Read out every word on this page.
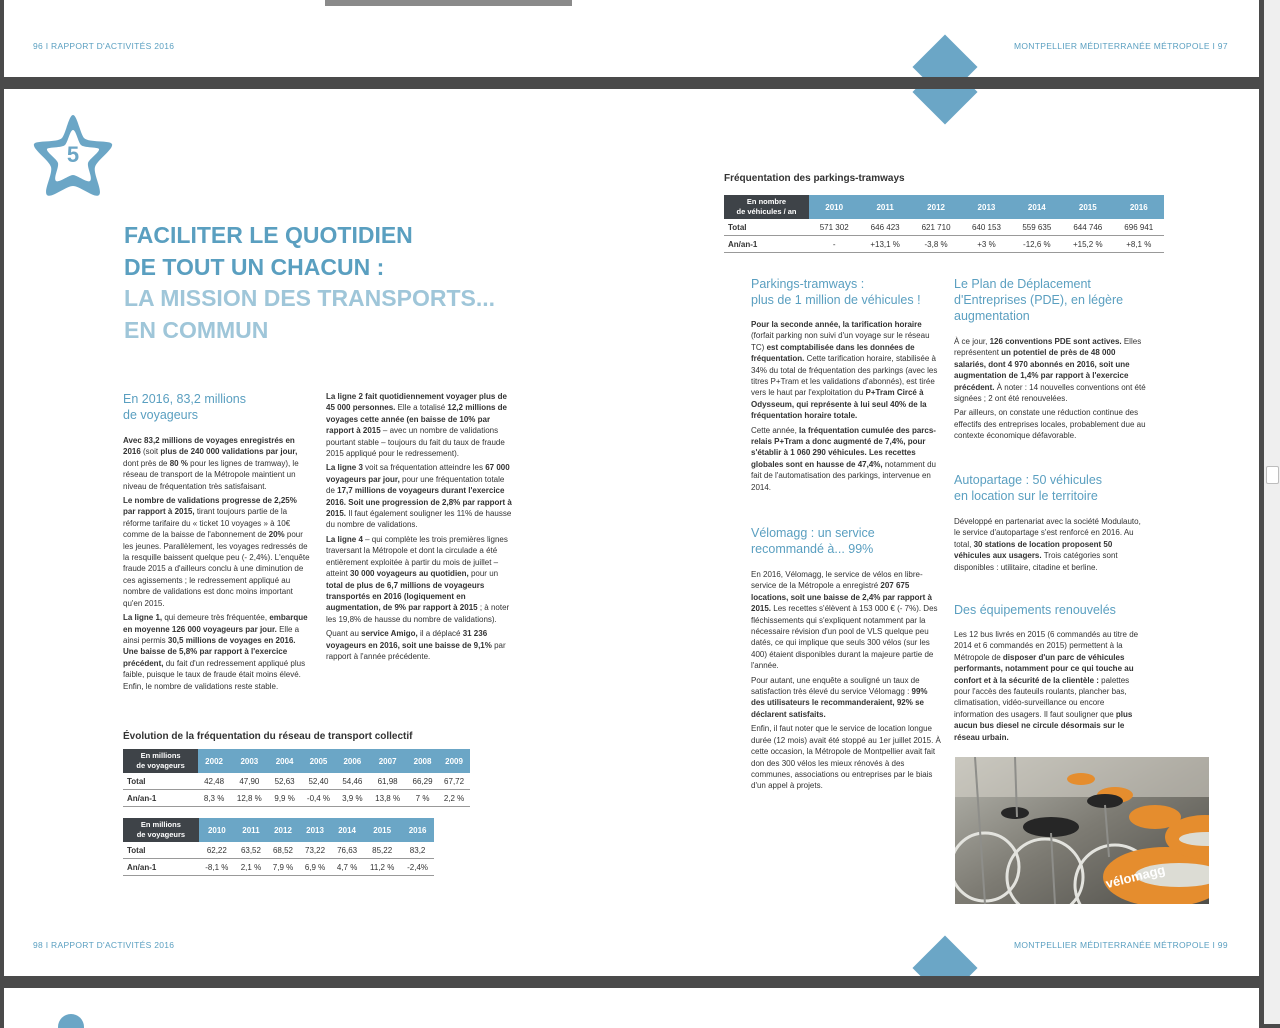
96 I RAPPORT D'ACTIVITÉS 2016	MONTPELLIER MÉDITERRANÉE MÉTROPOLE I 97
5
FACILITER LE QUOTIDIEN
DE TOUT UN CHACUN :
LA MISSION DES TRANSPORTS...
EN COMMUN
En 2016, 83,2 millions
de voyageurs

Avec 83,2 millions de voyages enregistrés en 2016 (soit plus de 240 000 validations par jour, dont près de 80 % pour les lignes de tramway), le réseau de transport de la Métropole maintient un niveau de fréquentation très satisfaisant.

Le nombre de validations progresse de 2,25% par rapport à 2015, tirant toujours partie de la réforme tarifaire du « ticket 10 voyages » à 10€ comme de la baisse de l'abonnement de 20% pour les jeunes. Parallèlement, les voyages redressés de la resquille baissent quelque peu (- 2,4%). L'enquête fraude 2015 a d'ailleurs conclu à une diminution de ces agissements ; le redressement appliqué au nombre de validations est donc moins important qu'en 2015.

La ligne 1, qui demeure très fréquentée, embarque en moyenne 126 000 voyageurs par jour. Elle a ainsi permis 30,5 millions de voyages en 2016. Une baisse de 5,8% par rapport à l'exercice précédent, du fait d'un redressement appliqué plus faible, puisque le taux de fraude était moins élevé. Enfin, le nombre de validations reste stable.

La ligne 2 fait quotidiennement voyager plus de 45 000 personnes. Elle a totalisé 12,2 millions de voyages cette année (en baisse de 10% par rapport à 2015 – avec un nombre de validations pourtant stable – toujours du fait du taux de fraude 2015 appliqué pour le redressement).

La ligne 3 voit sa fréquentation atteindre les 67 000 voyageurs par jour, pour une fréquentation totale de 17,7 millions de voyageurs durant l'exercice 2016. Soit une progression de 2,8% par rapport à 2015. Il faut également souligner les 11% de hausse du nombre de validations.

La ligne 4 – qui complète les trois premières lignes traversant la Métropole et dont la circulade a été entièrement exploitée à partir du mois de juillet – atteint 30 000 voyageurs au quotidien, pour un total de plus de 6,7 millions de voyageurs transportés en 2016 (logiquement en augmentation, de 9% par rapport à 2015 ; à noter les 19,8% de hausse du nombre de validations).

Quant au service Amigo, il a déplacé 31 236 voyageurs en 2016, soit une baisse de 9,1% par rapport à l'année précédente.

Évolution de la fréquentation du réseau de transport collectif
En millions
de voyageurs	2002	2003	2004	2005	2006	2007	2008	2009
Total	42,48	47,90	52,63	52,40	54,46	61,98	66,29	67,72
An/an-1	8,3 %	12,8 %	9,9 %	-0,4 %	3,9 %	13,8 %	7 %	2,2 %
En millions
de voyageurs	2010	2011	2012	2013	2014	2015	2016
Total	62,22	63,52	68,52	73,22	76,63	85,22	83,2
An/an-1	-8,1 %	2,1 %	7,9 %	6,9 %	4,7 %	11,2 %	-2,4%
Fréquentation des parkings-tramways
En nombre
de véhicules / an	2010	2011	2012	2013	2014	2015	2016
Total	571 302	646 423	621 710	640 153	559 635	644 746	696 941
An/an-1	-	+13,1 %	-3,8 %	+3 %	-12,6 %	+15,2 %	+8,1 %
Parkings-tramways :
plus de 1 million de véhicules !

Pour la seconde année, la tarification horaire (forfait parking non suivi d'un voyage sur le réseau TC) est comptabilisée dans les données de fréquentation. Cette tarification horaire, stabilisée à 34% du total de fréquentation des parkings (avec les titres P+Tram et les validations d'abonnés), est tirée vers le haut par l'exploitation du P+Tram Circé à Odysseum, qui représente à lui seul 40% de la fréquentation horaire totale.

Cette année, la fréquentation cumulée des parcs-relais P+Tram a donc augmenté de 7,4%, pour s'établir à 1 060 290 véhicules. Les recettes globales sont en hausse de 47,4%, notamment du fait de l'automatisation des parkings, intervenue en 2014.

Vélomagg : un service
recommandé à... 99%

En 2016, Vélomagg, le service de vélos en libre-service de la Métropole a enregistré 207 675 locations, soit une baisse de 2,4% par rapport à 2015. Les recettes s'élèvent à 153 000 € (- 7%). Des fléchissements qui s'expliquent notamment par la nécessaire révision d'un pool de VLS quelque peu datés, ce qui implique que seuls 300 vélos (sur les 400) étaient disponibles durant la majeure partie de l'année.

Pour autant, une enquête a souligné un taux de satisfaction très élevé du service Vélomagg : 99% des utilisateurs le recommanderaient, 92% se déclarent satisfaits.

Enfin, il faut noter que le service de location longue durée (12 mois) avait été stoppé au 1er juillet 2015. À cette occasion, la Métropole de Montpellier avait fait don des 300 vélos les mieux rénovés à des communes, associations ou entreprises par le biais d'un appel à projets.

Le Plan de Déplacement
d'Entreprises (PDE), en légère
augmentation

À ce jour, 126 conventions PDE sont actives. Elles représentent un potentiel de près de 48 000 salariés, dont 4 970 abonnés en 2016, soit une augmentation de 1,4% par rapport à l'exercice précédent. À noter : 14 nouvelles conventions ont été signées ; 2 ont été renouvelées.

Par ailleurs, on constate une réduction continue des effectifs des entreprises locales, probablement due au contexte économique défavorable.

Autopartage : 50 véhicules
en location sur le territoire

Développé en partenariat avec la société Modulauto, le service d'autopartage s'est renforcé en 2016. Au total, 30 stations de location proposent 50 véhicules aux usagers. Trois catégories sont disponibles : utilitaire, citadine et berline.

Des équipements renouvelés

Les 12 bus livrés en 2015 (6 commandés au titre de 2014 et 6 commandés en 2015) permettent à la Métropole de disposer d'un parc de véhicules performants, notamment pour ce qui touche au confort et à la sécurité de la clientèle : palettes pour l'accès des fauteuils roulants, plancher bas, climatisation, vidéo-surveillance ou encore information des usagers. Il faut souligner que plus aucun bus diesel ne circule désormais sur le réseau urbain.

vélomagg
98 I RAPPORT D'ACTIVITÉS 2016	MONTPELLIER MÉDITERRANÉE MÉTROPOLE I 99
